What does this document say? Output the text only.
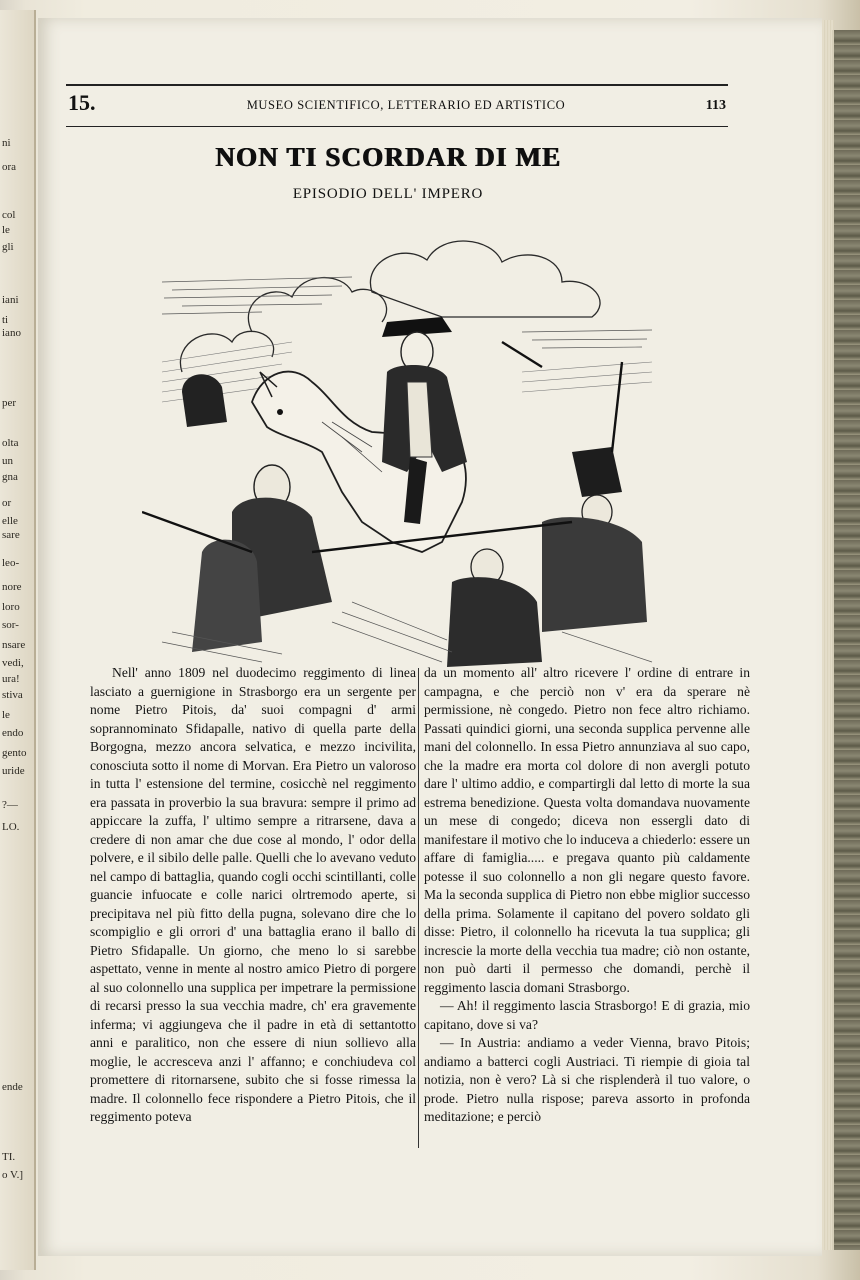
ni
ora
col
le
gli
iani
ti
iano
per
olta
un
gna
or
elle
sare
leo-
nore
loro
sor-
nsare
vedi,
ura!
stiva
le
endo
gento
uride
?—
LO.
ende
TI.
o V.]
15.	MUSEO SCIENTIFICO, LETTERARIO ED ARTISTICO	113
NON TI SCORDAR DI ME
EPISODIO DELL' IMPERO

Nell' anno 1809 nel duodecimo reggimento di linea lasciato a guernigione in Strasborgo era un sergente per nome Pietro Pitois, da' suoi compagni d' armi soprannominato Sfidapalle, nativo di quella parte della Borgogna, mezzo ancora selvatica, e mezzo incivilita, conosciuta sotto il nome di Morvan. Era Pietro un valoroso in tutta l' estensione del termine, cosicchè nel reggimento era passata in proverbio la sua bravura: sempre il primo ad appiccare la zuffa, l' ultimo sempre a ritrarsene, dava a credere di non amar che due cose al mondo, l' odor della polvere, e il sibilo delle palle. Quelli che lo avevano veduto nel campo di battaglia, quando cogli occhi scintillanti, colle guancie infuocate e colle narici olrtremodo aperte, si precipitava nel più fitto della pugna, solevano dire che lo scompiglio e gli orrori d' una battaglia erano il ballo di Pietro Sfidapalle. Un giorno, che meno lo si sarebbe aspettato, venne in mente al nostro amico Pietro di porgere al suo colonnello una supplica per impetrare la permissione di recarsi presso la sua vecchia madre, ch' era gravemente inferma; vi aggiungeva che il padre in età di settantotto anni e paralitico, non che essere di niun sollievo alla moglie, le accresceva anzi l' affanno; e conchiudeva col promettere di ritornarsene, subito che si fosse rimessa la madre. Il colonnello fece rispondere a Pietro Pitois, che il reggimento poteva

da un momento all' altro ricevere l' ordine di entrare in campagna, e che perciò non v' era da sperare nè permissione, nè congedo. Pietro non fece altro richiamo. Passati quindici giorni, una seconda supplica pervenne alle mani del colonnello. In essa Pietro annunziava al suo capo, che la madre era morta col dolore di non avergli potuto dare l' ultimo addio, e compartirgli dal letto di morte la sua estrema benedizione. Questa volta domandava nuovamente un mese di congedo; diceva non essergli dato di manifestare il motivo che lo induceva a chiederlo: essere un affare di famiglia..... e pregava quanto più caldamente potesse il suo colonnello a non gli negare questo favore. Ma la seconda supplica di Pietro non ebbe miglior successo della prima. Solamente il capitano del povero soldato gli disse: Pietro, il colonnello ha ricevuta la tua supplica; gli increscie la morte della vecchia tua madre; ciò non ostante, non può darti il permesso che domandi, perchè il reggimento lascia domani Strasborgo.

— Ah! il reggimento lascia Strasborgo! E di grazia, mio capitano, dove si va?

— In Austria: andiamo a veder Vienna, bravo Pitois; andiamo a batterci cogli Austriaci. Ti riempie di gioia tal notizia, non è vero? Là si che risplenderà il tuo valore, o prode. Pietro nulla rispose; pareva assorto in profonda meditazione; e perciò
